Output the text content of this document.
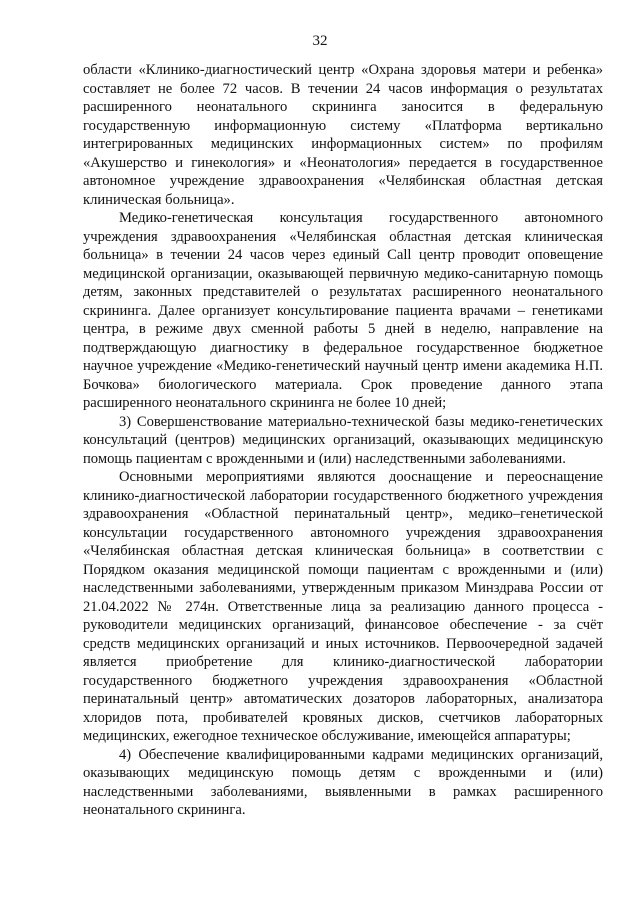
32

области «Клинико-диагностический центр «Охрана здоровья матери и ребенка» составляет не более 72 часов. В течении 24 часов информация о результатах расширенного неонатального скрининга заносится в федеральную государственную информационную систему «Платформа вертикально интегрированных медицинских информационных систем» по профилям «Акушерство и гинекология» и «Неонатология» передается в государственное автономное учреждение здравоохранения «Челябинская областная детская клиническая больница».

Медико-генетическая консультация государственного автономного учреждения здравоохранения «Челябинская областная детская клиническая больница» в течении 24 часов через единый Call центр проводит оповещение медицинской организации, оказывающей первичную медико-санитарную помощь детям, законных представителей о результатах расширенного неонатального скрининга. Далее организует консультирование пациента врачами – генетиками центра, в режиме двух сменной работы 5 дней в неделю, направление на подтверждающую диагностику в федеральное государственное бюджетное научное учреждение «Медико-генетический научный центр имени академика Н.П. Бочкова» биологического материала. Срок проведение данного этапа расширенного неонатального скрининга не более 10 дней;

3) Совершенствование материально-технической базы медико-генетических консультаций (центров) медицинских организаций, оказывающих медицинскую помощь пациентам с врожденными и (или) наследственными заболеваниями.

Основными мероприятиями являются дооснащение и переоснащение клинико-диагностической лаборатории государственного бюджетного учреждения здравоохранения «Областной перинатальный центр», медико–генетической консультации государственного автономного учреждения здравоохранения «Челябинская областная детская клиническая больница» в соответствии с Порядком оказания медицинской помощи пациентам с врожденными и (или) наследственными заболеваниями, утвержденным приказом Минздрава России от 21.04.2022 № 274н. Ответственные лица за реализацию данного процесса - руководители медицинских организаций, финансовое обеспечение - за счёт средств медицинских организаций и иных источников. Первоочередной задачей является приобретение для клинико-диагностической лаборатории государственного бюджетного учреждения здравоохранения «Областной перинатальный центр» автоматических дозаторов лабораторных, анализатора хлоридов пота, пробивателей кровяных дисков, счетчиков лабораторных медицинских, ежегодное техническое обслуживание, имеющейся аппаратуры;

4) Обеспечение квалифицированными кадрами медицинских организаций, оказывающих медицинскую помощь детям с врожденными и (или) наследственными заболеваниями, выявленными в рамках расширенного неонатального скрининга.
